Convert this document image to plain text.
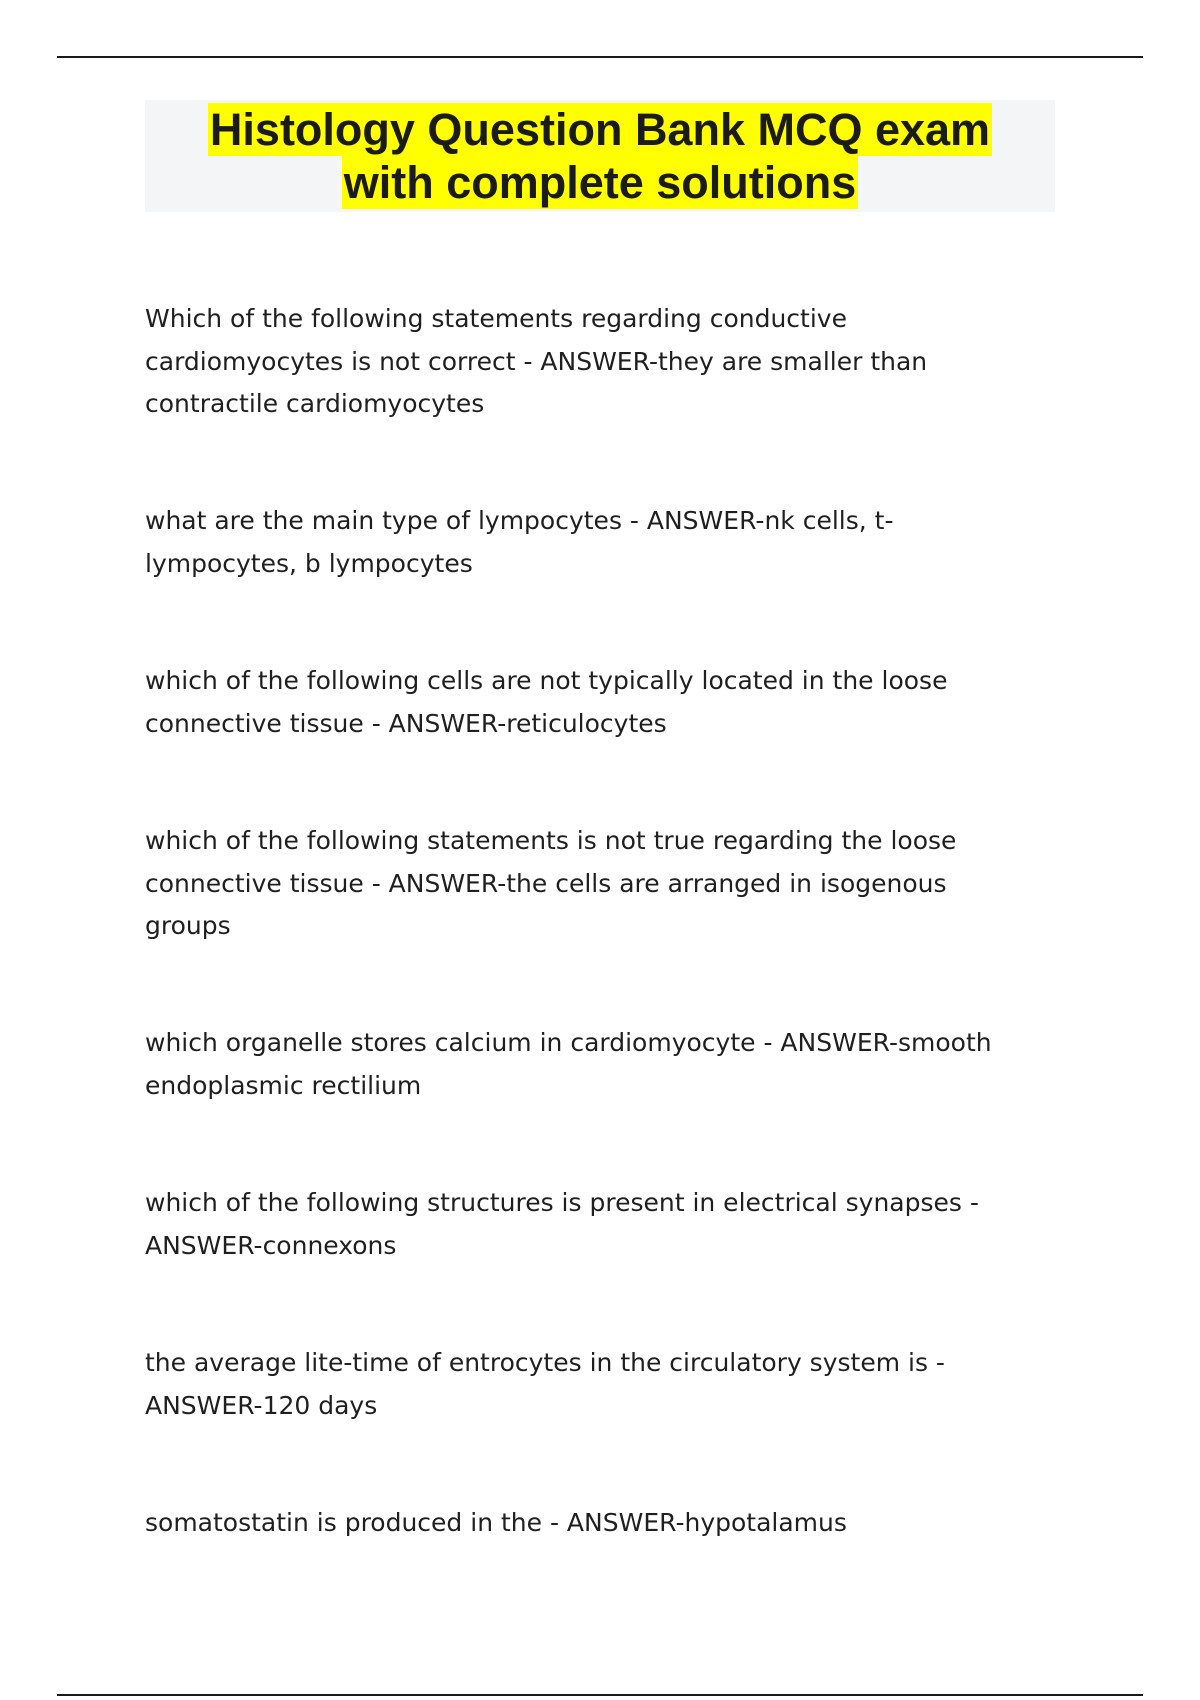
Histology Question Bank MCQ exam
with complete solutions

Which of the following statements regarding conductive
cardiomyocytes is not correct - ANSWER-they are smaller than
contractile cardiomyocytes

what are the main type of lympocytes - ANSWER-nk cells, t-
lympocytes, b lympocytes

which of the following cells are not typically located in the loose
connective tissue - ANSWER-reticulocytes

which of the following statements is not true regarding the loose
connective tissue - ANSWER-the cells are arranged in isogenous
groups

which organelle stores calcium in cardiomyocyte - ANSWER-smooth
endoplasmic rectilium

which of the following structures is present in electrical synapses -
ANSWER-connexons

the average lite-time of entrocytes in the circulatory system is -
ANSWER-120 days

somatostatin is produced in the - ANSWER-hypotalamus
